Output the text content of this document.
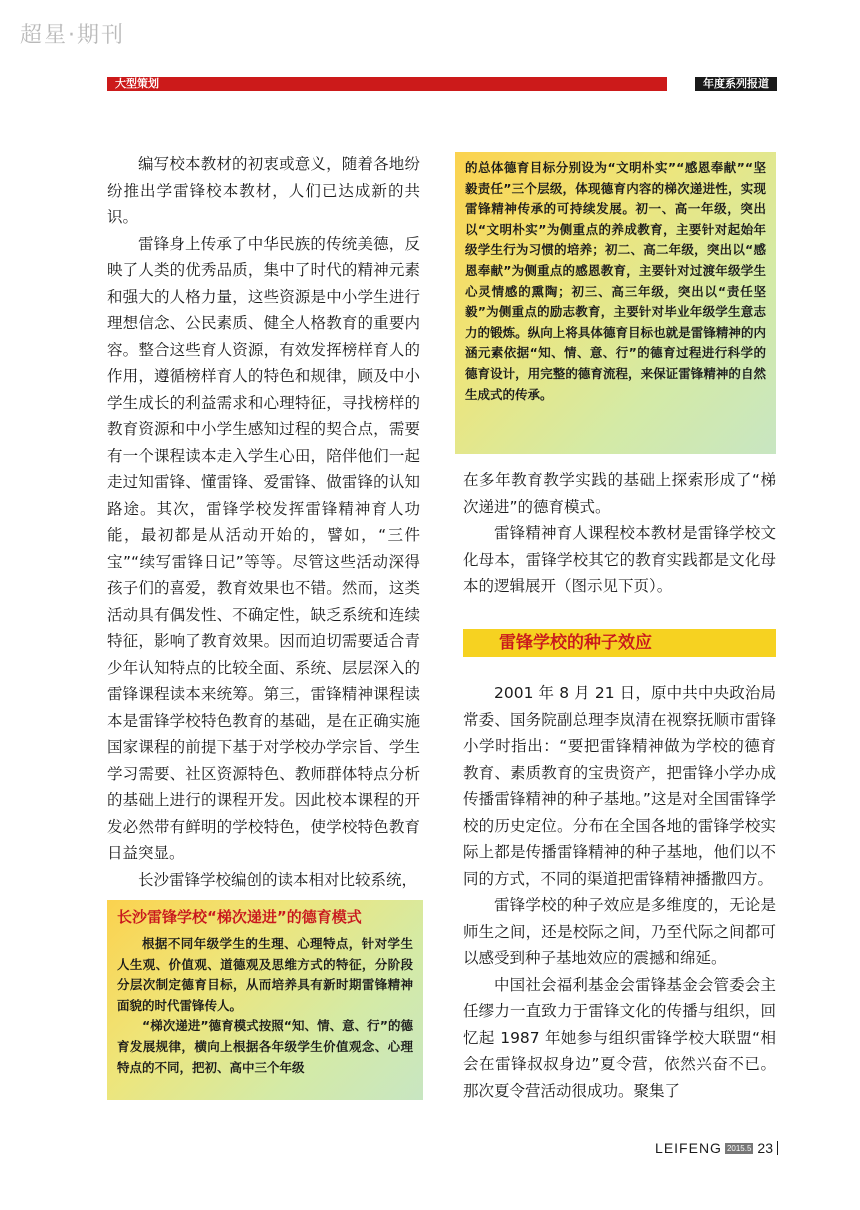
超星·期刊
大型策划	年度系列报道

编写校本教材的初衷或意义，随着各地纷纷推出学雷锋校本教材，人们已达成新的共识。

雷锋身上传承了中华民族的传统美德，反映了人类的优秀品质，集中了时代的精神元素和强大的人格力量，这些资源是中小学生进行理想信念、公民素质、健全人格教育的重要内容。整合这些育人资源，有效发挥榜样育人的作用，遵循榜样育人的特色和规律，顾及中小学生成长的利益需求和心理特征，寻找榜样的教育资源和中小学生感知过程的契合点，需要有一个课程读本走入学生心田，陪伴他们一起走过知雷锋、懂雷锋、爱雷锋、做雷锋的认知路途。其次，雷锋学校发挥雷锋精神育人功能，最初都是从活动开始的，譬如，“三件宝”“续写雷锋日记”等等。尽管这些活动深得孩子们的喜爱，教育效果也不错。然而，这类活动具有偶发性、不确定性，缺乏系统和连续特征，影响了教育效果。因而迫切需要适合青少年认知特点的比较全面、系统、层层深入的雷锋课程读本来统筹。第三，雷锋精神课程读本是雷锋学校特色教育的基础，是在正确实施国家课程的前提下基于对学校办学宗旨、学生学习需要、社区资源特色、教师群体特点分析的基础上进行的课程开发。因此校本课程的开发必然带有鲜明的学校特色，使学校特色教育日益突显。

长沙雷锋学校编创的读本相对比较系统，

长沙雷锋学校“梯次递进”的德育模式

根据不同年级学生的生理、心理特点，针对学生人生观、价值观、道德观及思维方式的特征，分阶段分层次制定德育目标，从而培养具有新时期雷锋精神面貌的时代雷锋传人。

“梯次递进”德育模式按照“知、情、意、行”的德育发展规律，横向上根据各年级学生价值观念、心理特点的不同，把初、高中三个年级

的总体德育目标分别设为“文明朴实”“感恩奉献”“坚毅责任”三个层级，体现德育内容的梯次递进性，实现雷锋精神传承的可持续发展。初一、高一年级，突出以“文明朴实”为侧重点的养成教育，主要针对起始年级学生行为习惯的培养；初二、高二年级，突出以“感恩奉献”为侧重点的感恩教育，主要针对过渡年级学生心灵情感的熏陶；初三、高三年级，突出以“责任坚毅”为侧重点的励志教育，主要针对毕业年级学生意志力的锻炼。纵向上将具体德育目标也就是雷锋精神的内涵元素依据“知、情、意、行”的德育过程进行科学的德育设计，用完整的德育流程，来保证雷锋精神的自然生成式的传承。

在多年教育教学实践的基础上探索形成了“梯次递进”的德育模式。

雷锋精神育人课程校本教材是雷锋学校文化母本，雷锋学校其它的教育实践都是文化母本的逻辑展开（图示见下页）。

雷锋学校的种子效应

2001 年 8 月 21 日，原中共中央政治局常委、国务院副总理李岚清在视察抚顺市雷锋小学时指出：“要把雷锋精神做为学校的德育教育、素质教育的宝贵资产，把雷锋小学办成传播雷锋精神的种子基地。”这是对全国雷锋学校的历史定位。分布在全国各地的雷锋学校实际上都是传播雷锋精神的种子基地，他们以不同的方式，不同的渠道把雷锋精神播撒四方。

雷锋学校的种子效应是多维度的，无论是师生之间，还是校际之间，乃至代际之间都可以感受到种子基地效应的震撼和绵延。

中国社会福利基金会雷锋基金会管委会主任缪力一直致力于雷锋文化的传播与组织，回忆起 1987 年她参与组织雷锋学校大联盟“相会在雷锋叔叔身边”夏令营，依然兴奋不已。那次夏令营活动很成功。聚集了

LEIFENG 2015.5 23
